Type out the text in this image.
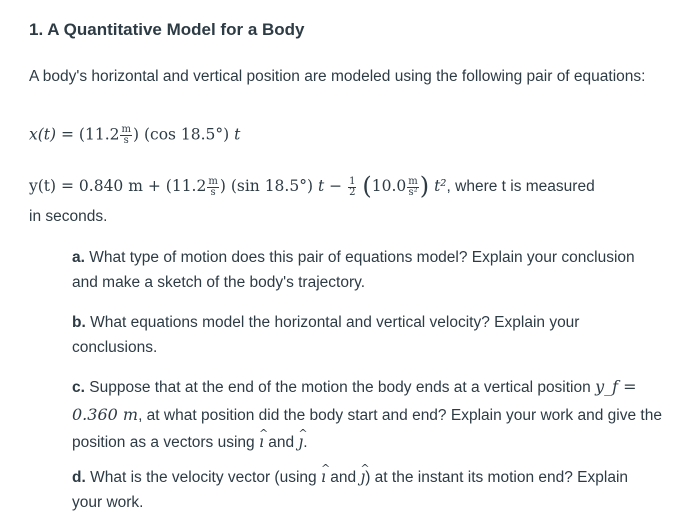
1. A Quantitative Model for a Body
A body's horizontal and vertical position are modeled using the following pair of equations:
$x(t) = (11.2 \frac{m}{s}$ ) (cos 18.5°) t
y(t) = 0.840 $m + (11.2 \frac{m}{s}$ ) (sin 18.5°) $t - \frac{1}{2} (10.0 \frac{m}{\text{s²}}$ ) t², where t is measured
in seconds.
a. What type of motion does this pair of equations model? Explain your conclusion and make a sketch of the body's trajectory.
b. What equations model the horizontal and vertical velocity? Explain your conclusions.
c. Suppose that at the end of the motion the body ends at a vertical position y_f = 0.360 m, at what position did the body start and end? Explain your work and give the position as a vectors using ^ ı and ^ ȷ.
d. What is the velocity vector (using ^ ı and ^ ȷ) at the instant its motion end? Explain your work.
